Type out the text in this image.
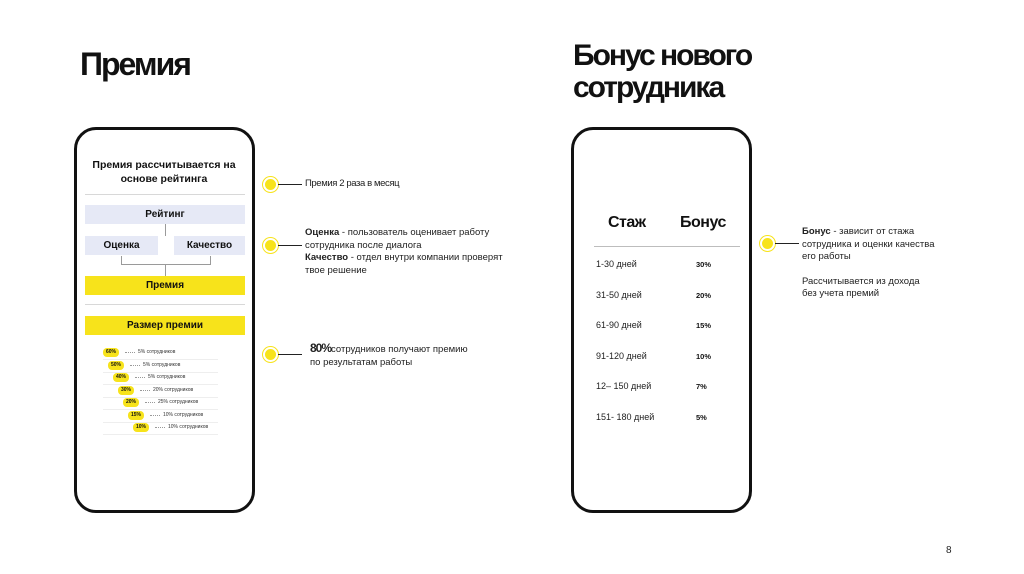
Премия	Бонус нового сотрудника
Премия рассчитывается на основе рейтинга
Рейтинг
Оценка	Качество
Премия
Размер премии
60%	5% сотрудников
50%	5% сотрудников
40%	5% сотрудников
30%	20% сотрудников
20%	25% сотрудников
15%	10% сотрудников
10%	10% сотрудников
Стаж Бонус
1-30 дней	30%
31-50 дней	20%
61-90 дней	15%
91-120 дней	10%
12– 150 дней	7%
151- 180 дней	5%
Премия 2 раза в месяц
Оценка - пользователь оценивает работу сотрудника после диалога
Качество - отдел внутри компании проверят твое решение
80%сотрудников получают премию по результатам работы
Бонус - зависит от стажа сотрудника и оценки качества его работы
Рассчитывается из дохода без учета премий
8
